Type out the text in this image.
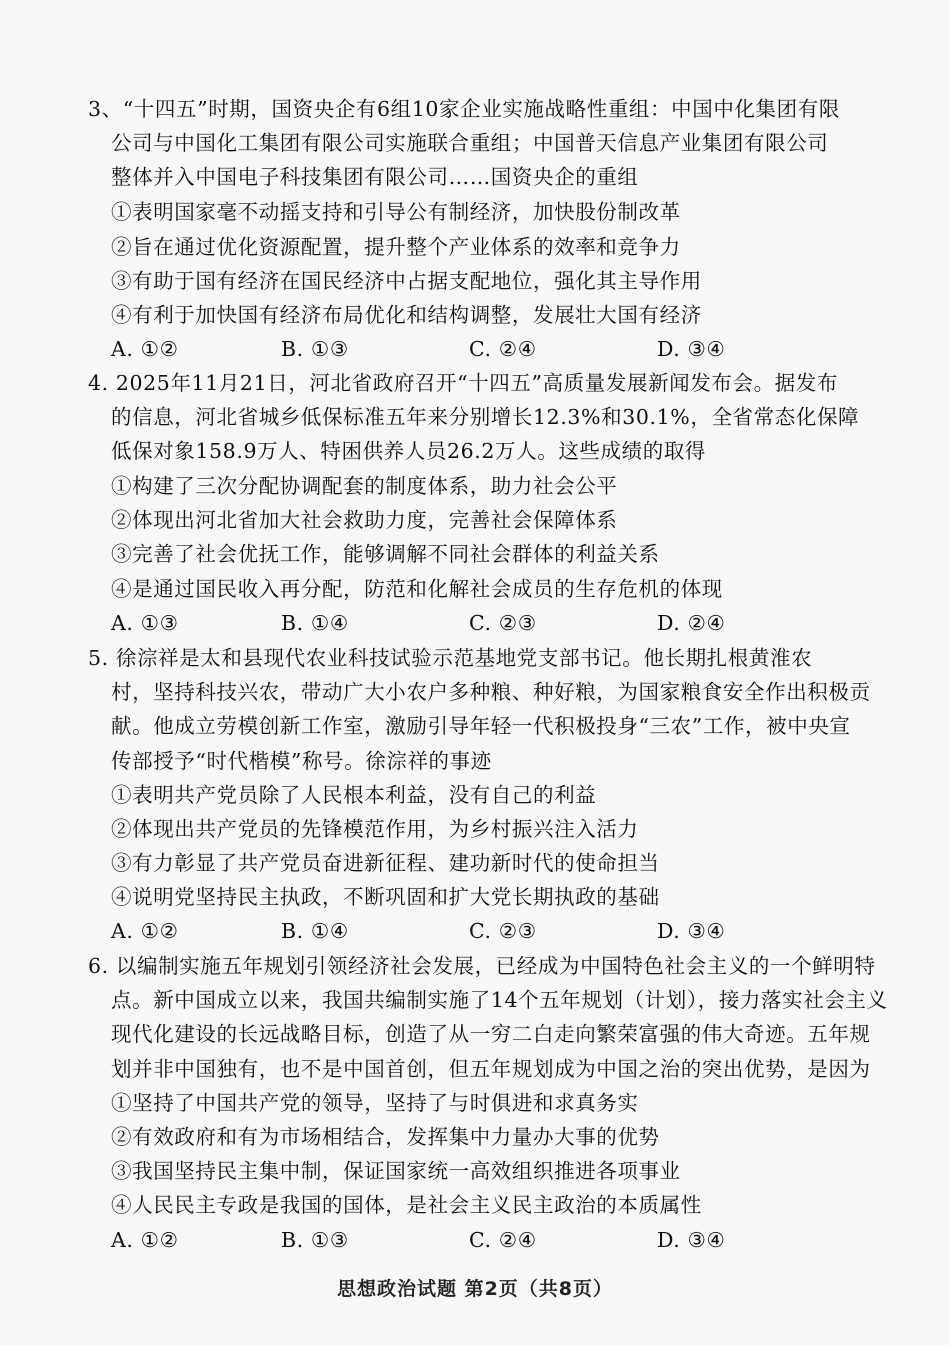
3、“十四五”时期，国资央企有6组10家企业实施战略性重组：中国中化集团有限
公司与中国化工集团有限公司实施联合重组；中国普天信息产业集团有限公司
整体并入中国电子科技集团有限公司……国资央企的重组
①表明国家毫不动摇支持和引导公有制经济，加快股份制改革
②旨在通过优化资源配置，提升整个产业体系的效率和竞争力
③有助于国有经济在国民经济中占据支配地位，强化其主导作用
④有利于加快国有经济布局优化和结构调整，发展壮大国有经济
A. ①②	B. ①③	C. ②④	D. ③④
4. 2025年11月21日，河北省政府召开“十四五”高质量发展新闻发布会。据发布
的信息，河北省城乡低保标准五年来分别增长12.3%和30.1%，全省常态化保障
低保对象158.9万人、特困供养人员26.2万人。这些成绩的取得
①构建了三次分配协调配套的制度体系，助力社会公平
②体现出河北省加大社会救助力度，完善社会保障体系
③完善了社会优抚工作，能够调解不同社会群体的利益关系
④是通过国民收入再分配，防范和化解社会成员的生存危机的体现
A. ①③	B. ①④	C. ②③	D. ②④
5. 徐淙祥是太和县现代农业科技试验示范基地党支部书记。他长期扎根黄淮农
村，坚持科技兴农，带动广大小农户多种粮、种好粮，为国家粮食安全作出积极贡
献。他成立劳模创新工作室，激励引导年轻一代积极投身“三农”工作，被中央宣
传部授予“时代楷模”称号。徐淙祥的事迹
①表明共产党员除了人民根本利益，没有自己的利益
②体现出共产党员的先锋模范作用，为乡村振兴注入活力
③有力彰显了共产党员奋进新征程、建功新时代的使命担当
④说明党坚持民主执政，不断巩固和扩大党长期执政的基础
A. ①②	B. ①④	C. ②③	D. ③④
6. 以编制实施五年规划引领经济社会发展，已经成为中国特色社会主义的一个鲜明特
点。新中国成立以来，我国共编制实施了14个五年规划（计划），接力落实社会主义
现代化建设的长远战略目标，创造了从一穷二白走向繁荣富强的伟大奇迹。五年规
划并非中国独有，也不是中国首创，但五年规划成为中国之治的突出优势，是因为
①坚持了中国共产党的领导，坚持了与时俱进和求真务实
②有效政府和有为市场相结合，发挥集中力量办大事的优势
③我国坚持民主集中制，保证国家统一高效组织推进各项事业
④人民民主专政是我国的国体，是社会主义民主政治的本质属性
A. ①②	B. ①③	C. ②④	D. ③④
思想政治试题 第2页（共8页）
